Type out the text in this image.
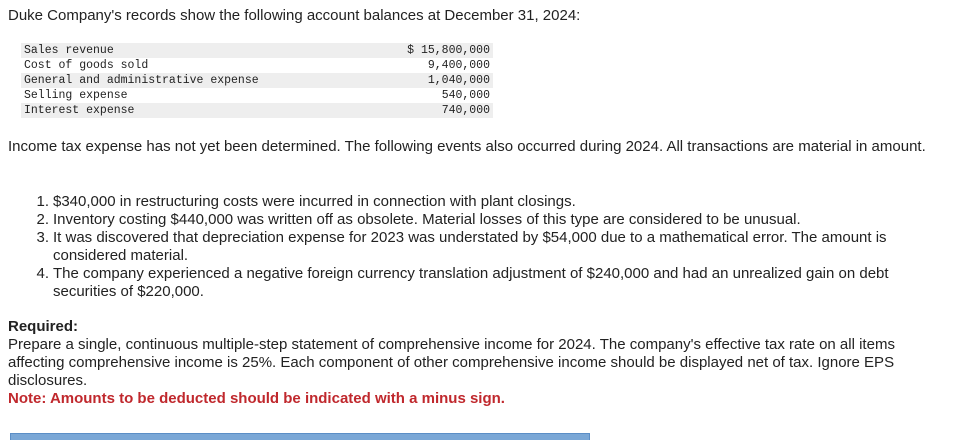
Duke Company's records show the following account balances at December 31, 2024:
Sales revenue	$ 15,800,000
Cost of goods sold	9,400,000
General and administrative expense	1,040,000
Selling expense	540,000
Interest expense	740,000
Income tax expense has not yet been determined. The following events also occurred during 2024. All transactions are material in amount.
1. $340,000 in restructuring costs were incurred in connection with plant closings.
2. Inventory costing $440,000 was written off as obsolete. Material losses of this type are considered to be unusual.
3. It was discovered that depreciation expense for 2023 was understated by $54,000 due to a mathematical error. The amount is considered material.
4. The company experienced a negative foreign currency translation adjustment of $240,000 and had an unrealized gain on debt securities of $220,000.
Required:
Prepare a single, continuous multiple-step statement of comprehensive income for 2024. The company's effective tax rate on all items affecting comprehensive income is 25%. Each component of other comprehensive income should be displayed net of tax. Ignore EPS disclosures.
Note: Amounts to be deducted should be indicated with a minus sign.
